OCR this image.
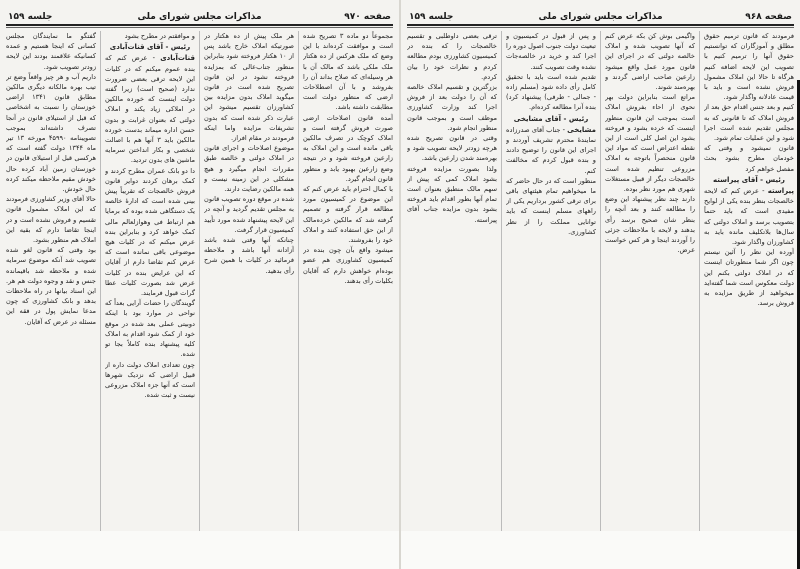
صفحه ۹۷۰
مذاکرات مجلس شورای ملی
جلسه ۱۵۹

مجموعاً دو ماده ۳ تصریح شده است و موافقت کرده‌اند با این وضع که ملک هرکس از ده هکتار ملک ملکی باشد که مالک آن با هر وسیله‌ای که صلاح بداند آن را بفروشد و با آن اصطلاحات ارضی که منظور دولت است مطابقت داشته باشد.

آمده قانون اصلاحات ارضی صورت فروش گرفته است و املاک کوچک در تصرف مالکین باقی مانده است و این املاک به زارعین فروخته شود و در نتیجه وضع زارعین بهبود یابد و منظور قانون انجام گیرد.

با کمال احترام باید عرض کنم که این موضوع در کمیسیون مورد مطالعه قرار گرفته و تصمیم گرفته شد که مالکین خرده‌مالک از این حق استفاده کنند و املاک خود را بفروشند.

میشود واقع بآن چون بنده در کمیسیون کشاورزی هم عضو بوده‌ام خواهش دارم که آقایان بکلیات رأی بدهند.

هر ملک پیش از ده هکتار در صورتیکه املاک خارج باشد پس از ۱۰ هکتار فروخته شود بنابراین منظور جناب‌عالی که بمزایده فروخته نشود در این قانون تصریح شده است در قانون میگوید املاک بدون مزایده بین کشاورزان تقسیم میشود این عبارت ذکر شده است که بدون تشریفات مزایده واما اینکه فرمودند در مقام افراز.

موضوع اصلاحات و اجرای قانون در املاک دولتی و خالصه طبق مقررات انجام میگیرد و هیچ مشکلی در این زمینه نیست و همه مالکین رضایت دارند.

شده در موقع دوره تصویب قانون به مجلس تقدیم گردید و آنچه در این لایحه پیشنهاد شده مورد تأیید کمیسیون قرار گرفت.

چنانکه آنها وقتی شده باشد آزادانه آنها باشد و ملاحظه فرمائید در کلیات با همین شرح رأی بدهید.

و موافقتم در مطرح بشود

رئیس - آقای قنات‌آبادی

قنات‌آبادی - عرض کنم که بنده عموم میکنم که در کلیات این لایحه ترقی بعضی ضرورت ندارد (صحیح است) زیرا گفته دولت اینست که خورده مالکین در املاکی زیاد یکند و املاک دولتی که بعنوان غرابت و بدون حسن اداره میماند بدست خورده مالکین باید ۳ آنها هم با اصالت شخصی و بکار انداختن سرمایه ماشین های بدون تردید.

دا دو بانک عمران مطرح کردند و کمک برهان کردند دوایر قانون فروش خالصجات که تقریباً پیش بینی شده است که ادارهٔ خالصه یک دستگاهی شده بوده که برمایا هم ارتباط فی وهوازلعالم مالی کمک خواهد کرد و بنابراین بنده عرض میکنم که در کلیات هیچ موضوعی باقی نمانده است که عرض کنم تقاضا دارم از آقایان که این عرایض بنده در کلیات عرض شد بصورت کلیات عطا گرات قبول فرمایند.

گویندگان را حضات آرایی بعداً که نواحی در موارد بود با اینکه دوبیتی عملی بعد شده در موقع خود از کمک شود اقدام به املاک کلیه پیشنهاد بنده کاملاً بجا تو شده.

چون تعدادی املاک دولت داره از قبیل اراضی که نزدیک شهرها است که آنها جزء املاک مزروعی نیست و ثبت شده.

گفتگو ما نمایندگان مجلس کسانی که اینجا هستیم و عمده کسانیکه علاقمند بودند این لایحه زودتر تصویب شود.

داریم آب و هر چیز واقعاً وضع تر تیب بهره مالکانه دیگری مالکین مطابق قانون ۱۳۴۱ اراضی خوزستان را نسبت به اشخاصی که قبل از استیلای قانون در آنجا تصرف داشته‌اند بموجب تصویبنامه ۴۵۹۹۰ مورخه ۱۳ تیر ماه ۱۳۴۴ دولت گفته است که هرکسی قبل از استیلای قانون در خوزستان زمین آباد کرده حال خودش مقیم ملاحظه میکند کرده حال خودش.

حالا آقای وزیر کشاورزی فرمودند که این املاک مشمول قانون تقسیم و فروش نشده است و در اینجا تقاضا دارم که بقیه این املاک هم منظور بشود.

بود وقتی که قانون لغو شده تصویب شد آنکه موضوع سرمایه شده و ملاحظه شد باقیمانده جنس و نقد و وجوه دولت هم هر.

این اسناد بیانها در راه ملاحظات بدهد و بانک کشاورزی که چون مدعا نمایش پول در فقه این مسئله در عرض که آقایان.

صفحه ۹۶۸
مذاکرات مجلس شورای ملی
جلسه ۱۵۹

فرمودند که قانون ترمیم حقوق مطلق و آموزگاران که توانستیم حقوق آنها را ترمیم کنیم با تصویب این لایحه اضافه کنیم هرگاه تا حالا این املاک مشمول فروش نشده است و باید با قیمت عادلانه واگذار شود.

کنیم و بعد جنس اقدام حق بعد از فروش املاک که تا قانونی که به مجلس تقدیم شده است اجرا شود و این عملیات تمام شود.

قانون نمیشود و وقتی که خودمان مطرح بشود بحث مفصل خواهم کرد

رئیس - آقای پیراسته

پیراسته - عرض کنم که لایحه خالصجات بنظر بنده یکی از لوایح مفیدی است که باید حتماً بتصویب برسد و املاک دولتی که سال‌ها بلاتکلیف مانده باید به کشاورزان واگذار شود.

آورده این نظر را آئین نیستم چون اگر شما منظورتان اینست که در املاک دولتی بکنم این دولت معکوس است شما گفته‌اید میخواهید از طریق مزایده به فروش برسد.

واگیمی بوش کن بکه عرض کنم که آنها تصویب شده و املاک خالصه دولتی که در اجرای این قانون مورد عمل واقع میشود زارعین صاحب اراضی گردند و بهره‌مند شوند.

مراتع است بنابراین دولت بهر نحوی از احاء بفروش املاک است بموجب این قانون منظور اینست که خرده بشود و فروخته بشود این اصل کلی است از این نقطه اعتراض است که مواد این قانون منحصراً باتوجه به املاک مزروعی تنظیم شده است خالصجات دیگر از قبیل مستغلات شهری هم مورد نظر بوده.

دارند چند نظر پیشنهاد این وضع را مطالعه کنند و بعد آنچه را بنظر شان صحیح برسد رأی بدهند و لایحه با ملاحظات جزئی را آوردند اینجا و هر کس خواست عرض.

و پس از قبول در کمیسیون و تبعیت دولت جنوب اصول دوره را اجرا کند و خرید در خالصه‌جات نشده وقت تصویب کنند.

تقدیم شده است باید با تحقیق کامل رأی داده شود (مسلم زاده - جمالی - طرفی) پیشنهاد کرد) بنده آنرا مطالعه کرده‌ام.

رئیس - آقای مشایخی

مشایخی - جناب آقای صدرزاده نمایندهٔ محترم تشریف آوردند و اجرای این قانون را توضیح دادند و بنده قبول کردم که مخالفت کنم.

منظور است که در حال حاضر که ما میخواهیم تمام هیئتهای باقی برای ترقی کشور برداریم یکی از راههای مسلم اینست که باید توانایی مملکت را از نظر کشاورزی.

ترقی بعضی داوطلبی و تقسیم خالصجات را که بنده در کمیسیون کشاورزی بودم مطالعه کردم و نظرات خود را بیان کردم.

بزرگترین و تقسیم املاک خالصه که آن را دولت بعد از فروش اجرا کند وزارت کشاورزی موظف است و بموجب قانون منظور انجام شود.

وقتی در قانون تصریح شده هرچه زودتر لایحه تصویب شود و بهره‌مند شدن زارعین باشد.

ولذا بصورت مزایده فروخته بشود املاک کمی که پیش از سهم مالک منطبق بعنوان است تمام آنها بطور اقدام باید فروخته بشود بدون مزایده جناب آقای پیراسته.
